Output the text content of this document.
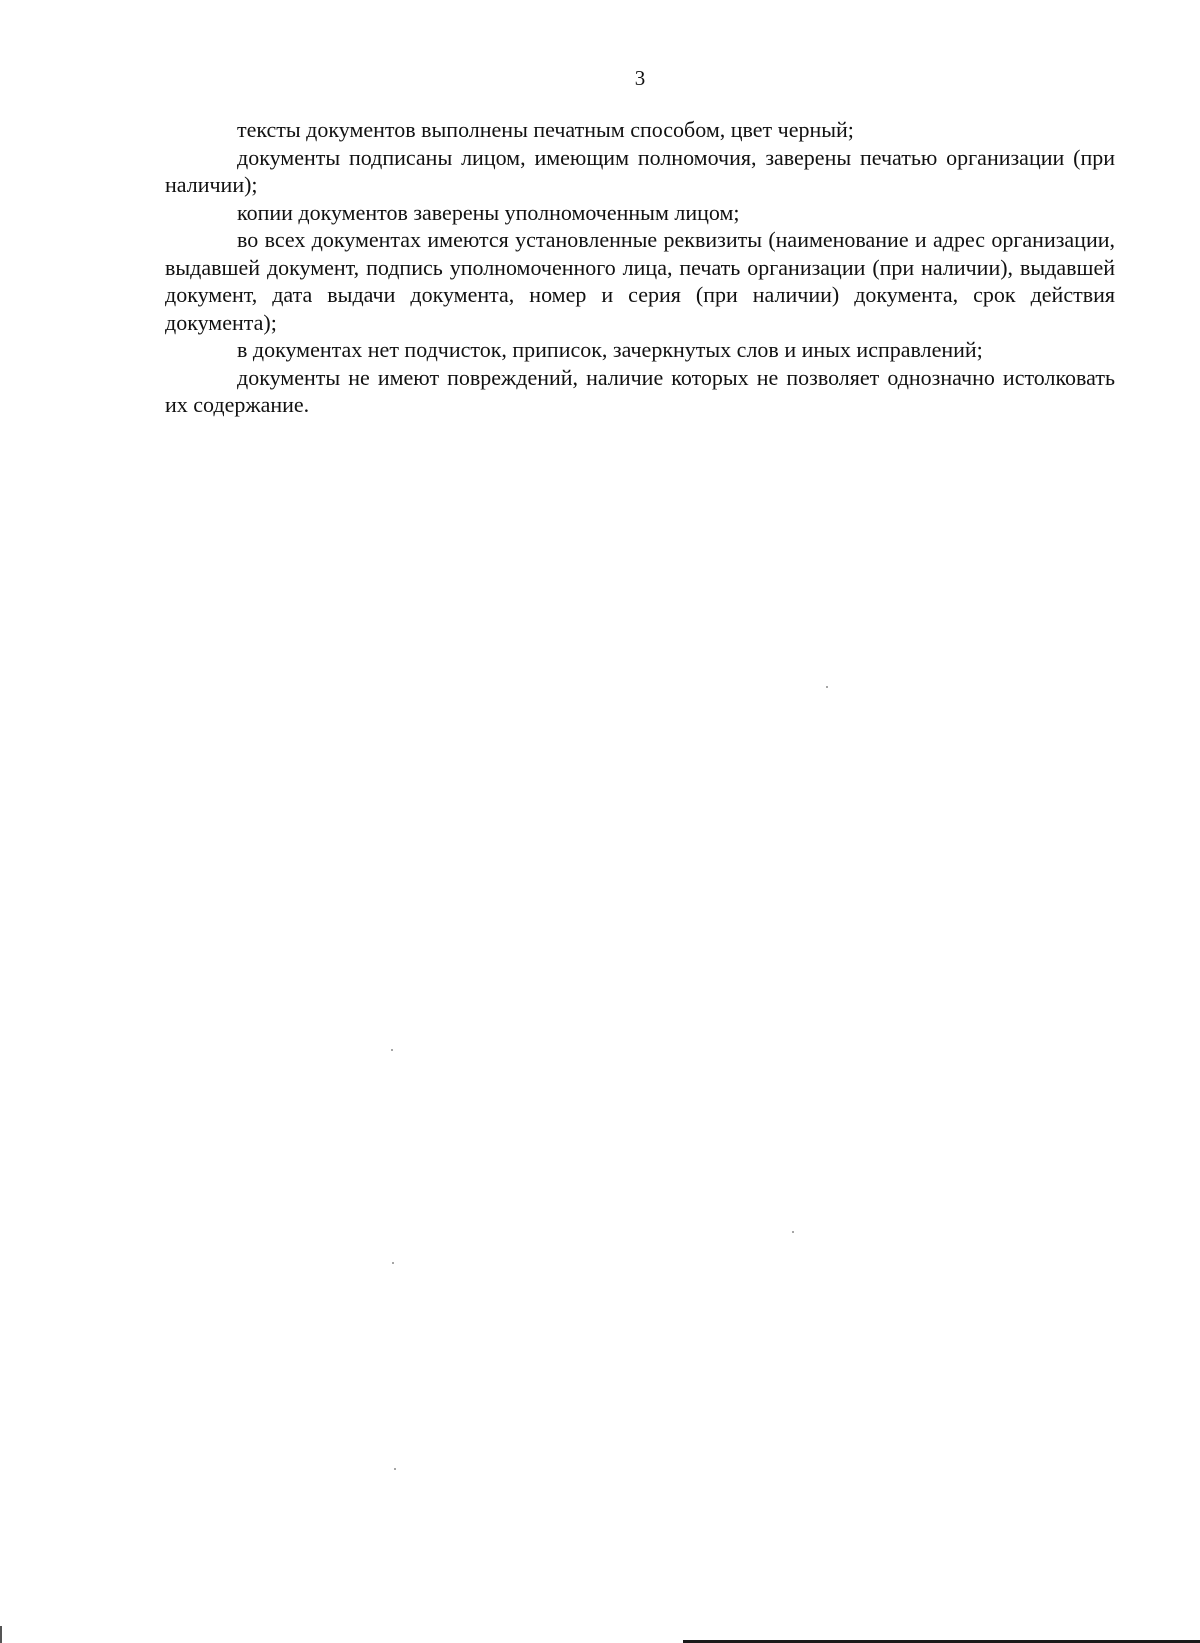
3

тексты документов выполнены печатным способом, цвет черный;

документы подписаны лицом, имеющим полномочия, заверены печатью организации (при наличии);

копии документов заверены уполномоченным лицом;

во всех документах имеются установленные реквизиты (наименование и адрес организации, выдавшей документ, подпись уполномоченного лица, печать организации (при наличии), выдавшей документ, дата выдачи документа, номер и серия (при наличии) документа, срок действия документа);

в документах нет подчисток, приписок, зачеркнутых слов и иных исправлений;

документы не имеют повреждений, наличие которых не позволяет однозначно истолковать их содержание.
